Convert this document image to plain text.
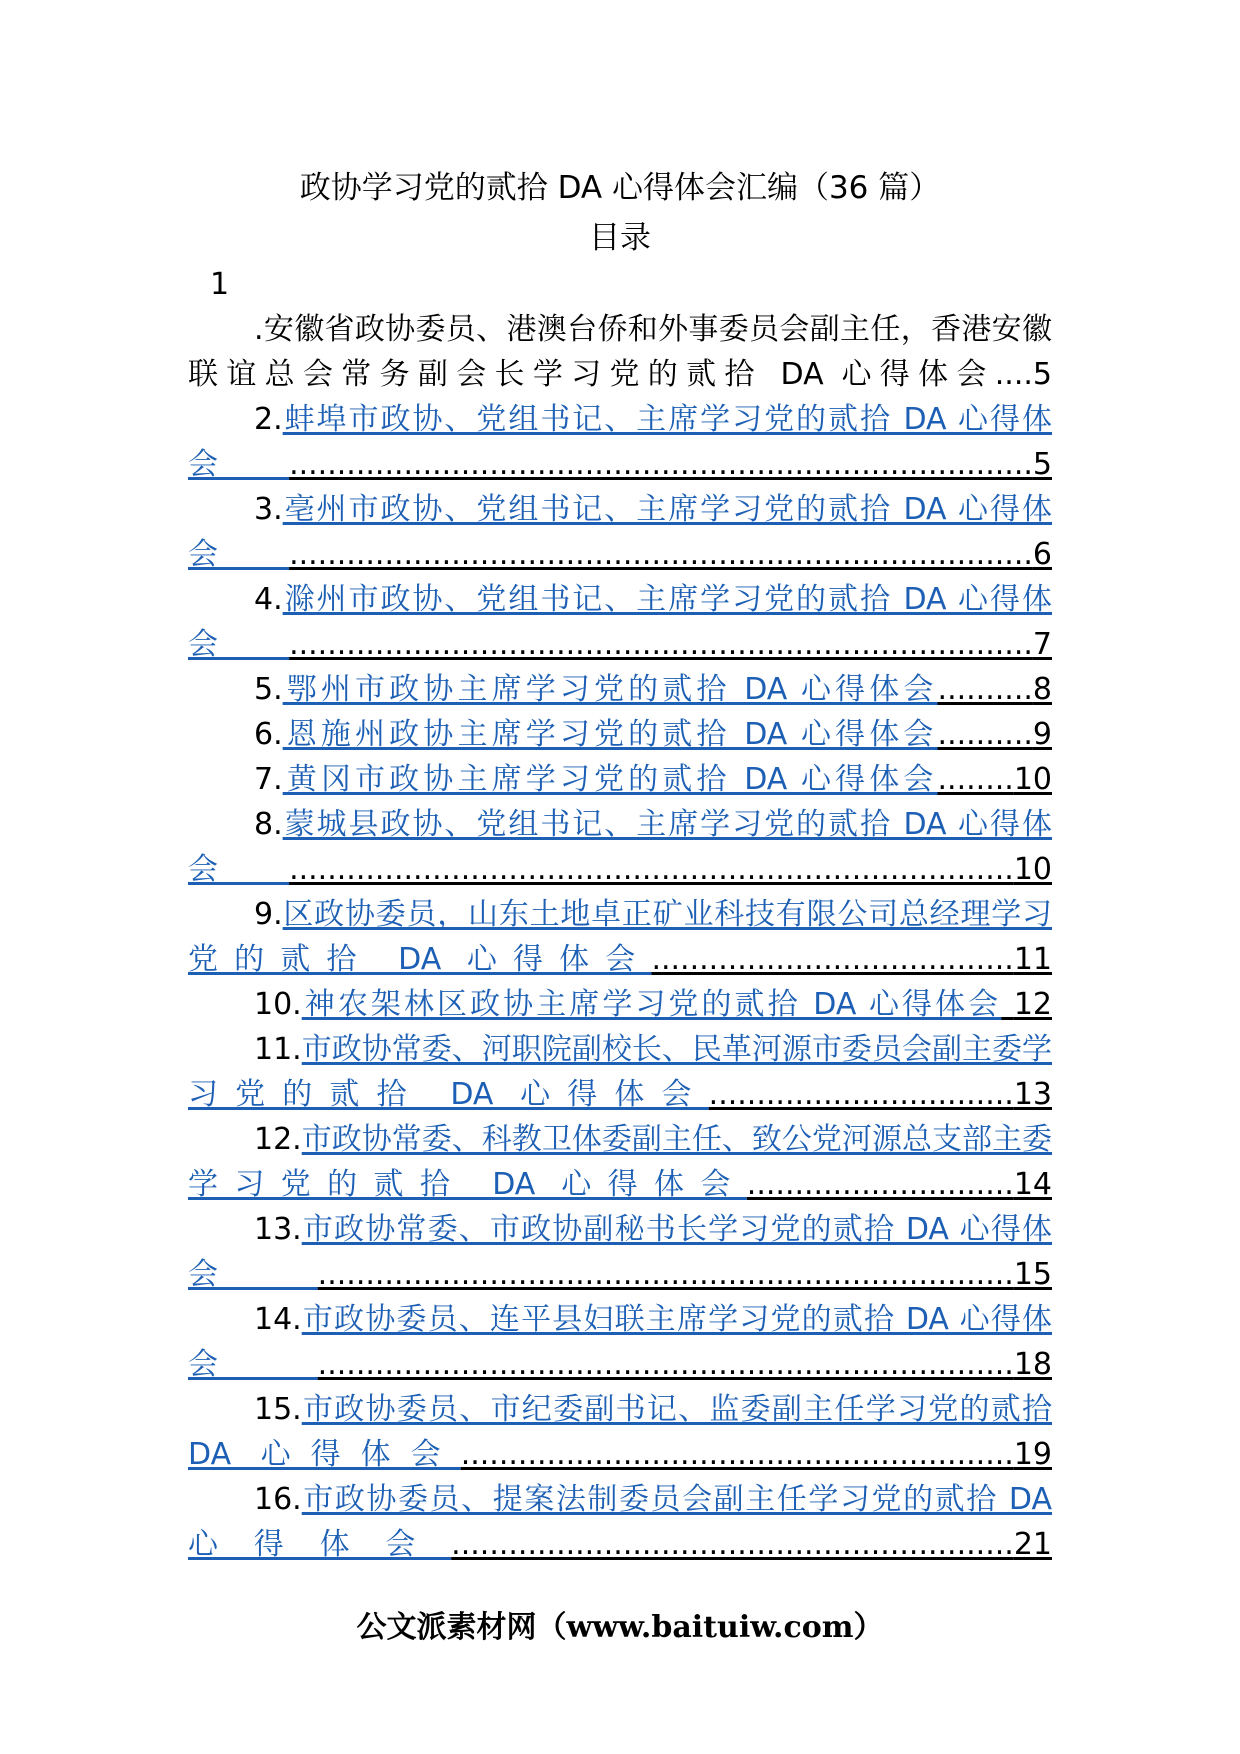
政协学习党的贰拾 DA 心得体会汇编（36 篇）
目录
1
.安徽省政协委员、港澳台侨和外事委员会副主任，香港安徽联谊总会常务副会长学习党的贰拾 DA 心得体会....5
2.蚌埠市政协、党组书记、主席学习党的贰拾 DA 心得体会..............................................................................5
3.亳州市政协、党组书记、主席学习党的贰拾 DA 心得体会..............................................................................6
4.滁州市政协、党组书记、主席学习党的贰拾 DA 心得体会..............................................................................7
5.鄂州市政协主席学习党的贰拾 DA 心得体会..........8
6.恩施州政协主席学习党的贰拾 DA 心得体会..........9
7.黄冈市政协主席学习党的贰拾 DA 心得体会........10
8.蒙城县政协、党组书记、主席学习党的贰拾 DA 心得体会............................................................................10
9.区政协委员，山东土地卓正矿业科技有限公司总经理学习党的贰拾 DA 心得体会......................................11
10.神农架林区政协主席学习党的贰拾 DA 心得体会 12
11.市政协常委、河职院副校长、民革河源市委员会副主委学习党的贰拾 DA 心得体会................................13
12.市政协常委、科教卫体委副主任、致公党河源总支部主委学习党的贰拾 DA 心得体会............................14
13.市政协常委、市政协副秘书长学习党的贰拾 DA 心得体会.........................................................................15
14.市政协委员、连平县妇联主席学习党的贰拾 DA 心得体会.........................................................................18
15.市政协委员、市纪委副书记、监委副主任学习党的贰拾 DA 心得体会..........................................................19
16.市政协委员、提案法制委员会副主任学习党的贰拾 DA 心得体会...........................................................21
公文派素材网（www.baituiw.com）
